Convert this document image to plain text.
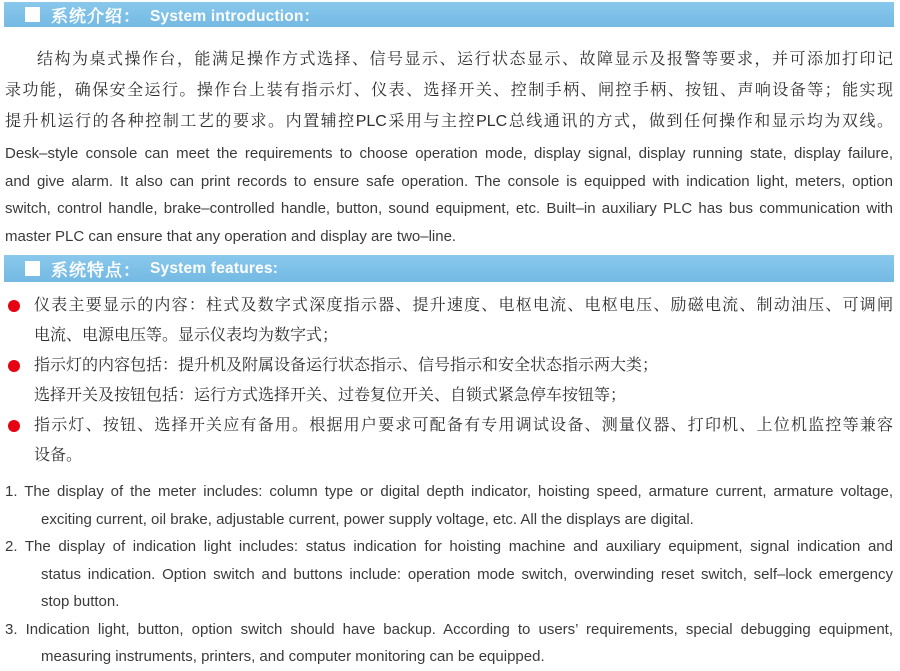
系统介绍： System introduction：
结构为桌式操作台，能满足操作方式选择、信号显示、运行状态显示、故障显示及报警等要求，并可添加打印记
录功能，确保安全运行。操作台上装有指示灯、仪表、选择开关、控制手柄、闸控手柄、按钮、声响设备等；能实现
提升机运行的各种控制工艺的要求。内置辅控PLC采用与主控PLC总线通讯的方式，做到任何操作和显示均为双线。
Desk–style console can meet the requirements to choose operation mode, display signal, display running state, display failure,
and give alarm. It also can print records to ensure safe operation. The console is equipped with indication light, meters, option
switch, control handle, brake–controlled handle, button, sound equipment, etc. Built–in auxiliary PLC has bus communication with
master PLC can ensure that any operation and display are two–line.
系统特点： System features:
仪表主要显示的内容：柱式及数字式深度指示器、提升速度、电枢电流、电枢电压、励磁电流、制动油压、可调闸
电流、电源电压等。显示仪表均为数字式；
指示灯的内容包括：提升机及附属设备运行状态指示、信号指示和安全状态指示两大类；
选择开关及按钮包括：运行方式选择开关、过卷复位开关、自锁式紧急停车按钮等；
指示灯、按钮、选择开关应有备用。根据用户要求可配备有专用调试设备、测量仪器、打印机、上位机监控等兼容
设备。
1. The display of the meter includes: column type or digital depth indicator, hoisting speed, armature current, armature voltage,
exciting current, oil brake, adjustable current, power supply voltage, etc. All the displays are digital.
2. The display of indication light includes: status indication for hoisting machine and auxiliary equipment, signal indication and
status indication. Option switch and buttons include: operation mode switch, overwinding reset switch, self–lock emergency
stop button.
3. Indication light, button, option switch should have backup. According to users’ requirements, special debugging equipment,
measuring instruments, printers, and computer monitoring can be equipped.
